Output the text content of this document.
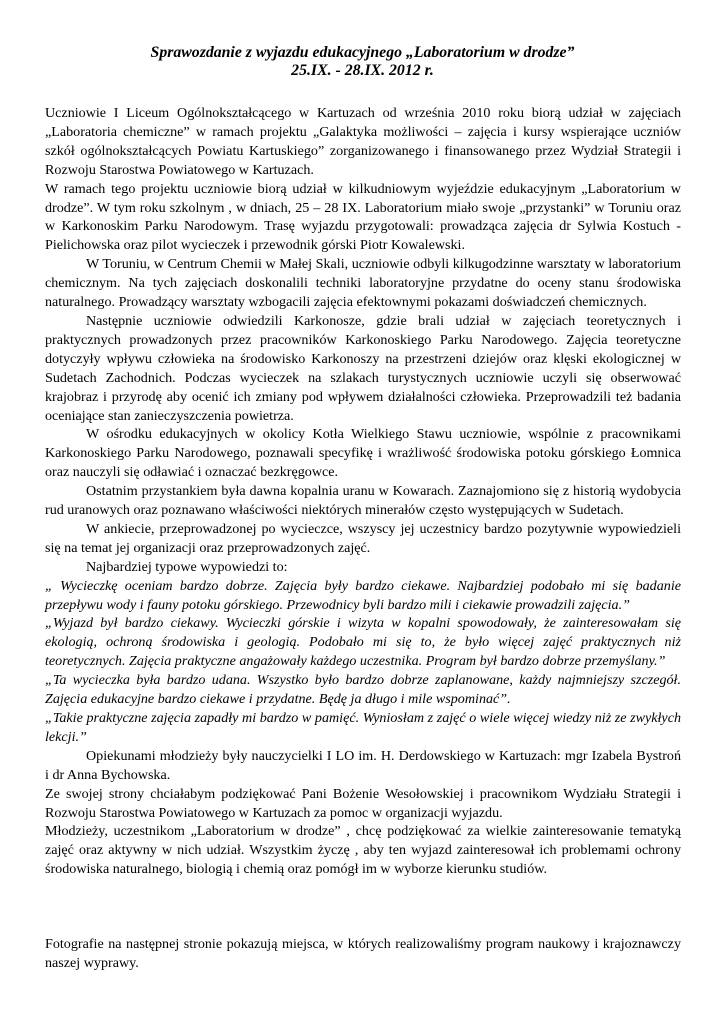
Sprawozdanie z wyjazdu edukacyjnego „Laboratorium w drodze”
25.IX. - 28.IX. 2012 r.

Uczniowie I Liceum Ogólnokształcącego w Kartuzach od września 2010 roku biorą udział w zajęciach „Laboratoria chemiczne” w ramach projektu „Galaktyka możliwości – zajęcia i kursy wspierające uczniów szkół ogólnokształcących Powiatu Kartuskiego” zorganizowanego i finansowanego przez Wydział Strategii i Rozwoju Starostwa Powiatowego w Kartuzach.

W ramach tego projektu uczniowie biorą udział w kilkudniowym wyjeździe edukacyjnym „Laboratorium w drodze”. W tym roku szkolnym , w dniach, 25 – 28 IX. Laboratorium miało swoje „przystanki” w Toruniu oraz w Karkonoskim Parku Narodowym. Trasę wyjazdu przygotowali: prowadząca zajęcia dr Sylwia Kostuch - Pielichowska oraz pilot wycieczek i przewodnik górski Piotr Kowalewski.

W Toruniu, w Centrum Chemii w Małej Skali, uczniowie odbyli kilkugodzinne warsztaty w laboratorium chemicznym. Na tych zajęciach doskonalili techniki laboratoryjne przydatne do oceny stanu środowiska naturalnego. Prowadzący warsztaty wzbogacili zajęcia efektownymi pokazami doświadczeń chemicznych.

Następnie uczniowie odwiedzili Karkonosze, gdzie brali udział w zajęciach teoretycznych i praktycznych prowadzonych przez pracowników Karkonoskiego Parku Narodowego. Zajęcia teoretyczne dotyczyły wpływu człowieka na środowisko Karkonoszy na przestrzeni dziejów oraz klęski ekologicznej w Sudetach Zachodnich. Podczas wycieczek na szlakach turystycznych uczniowie uczyli się obserwować krajobraz i przyrodę aby ocenić ich zmiany pod wpływem działalności człowieka. Przeprowadzili też badania oceniające stan zanieczyszczenia powietrza.

W ośrodku edukacyjnych w okolicy Kotła Wielkiego Stawu uczniowie, wspólnie z pracownikami Karkonoskiego Parku Narodowego, poznawali specyfikę i wrażliwość środowiska potoku górskiego Łomnica oraz nauczyli się odławiać i oznaczać bezkręgowce.

Ostatnim przystankiem była dawna kopalnia uranu w Kowarach. Zaznajomiono się z historią wydobycia rud uranowych oraz poznawano właściwości niektórych minerałów często występujących w Sudetach.

W ankiecie, przeprowadzonej po wycieczce, wszyscy jej uczestnicy bardzo pozytywnie wypowiedzieli się na temat jej organizacji oraz przeprowadzonych zajęć.

Najbardziej typowe wypowiedzi to:

„ Wycieczkę oceniam bardzo dobrze. Zajęcia były bardzo ciekawe. Najbardziej podobało mi się badanie przepływu wody i fauny potoku górskiego. Przewodnicy byli bardzo mili i ciekawie prowadzili zajęcia.”

„Wyjazd był bardzo ciekawy. Wycieczki górskie i wizyta w kopalni spowodowały, że zainteresowałam się ekologią, ochroną środowiska i geologią. Podobało mi się to, że było więcej zajęć praktycznych niż teoretycznych. Zajęcia praktyczne angażowały każdego uczestnika. Program był bardzo dobrze przemyślany.”

„Ta wycieczka była bardzo udana. Wszystko było bardzo dobrze zaplanowane, każdy najmniejszy szczegół. Zajęcia edukacyjne bardzo ciekawe i przydatne. Będę ja długo i mile wspominać”.

„Takie praktyczne zajęcia zapadły mi bardzo w pamięć. Wyniosłam z zajęć o wiele więcej wiedzy niż ze zwykłych lekcji.”

Opiekunami młodzieży były nauczycielki I LO im. H. Derdowskiego w Kartuzach: mgr Izabela Bystroń i dr Anna Bychowska.

Ze swojej strony chciałabym podziękować Pani Bożenie Wesołowskiej i pracownikom Wydziału Strategii i Rozwoju Starostwa Powiatowego w Kartuzach za pomoc w organizacji wyjazdu.

Młodzieży, uczestnikom „Laboratorium w drodze” , chcę podziękować za wielkie zainteresowanie tematyką zajęć oraz aktywny w nich udział. Wszystkim życzę , aby ten wyjazd zainteresował ich problemami ochrony środowiska naturalnego, biologią i chemią oraz pomógł im w wyborze kierunku studiów.

Fotografie na następnej stronie pokazują miejsca, w których realizowaliśmy program naukowy i krajoznawczy naszej wyprawy.
